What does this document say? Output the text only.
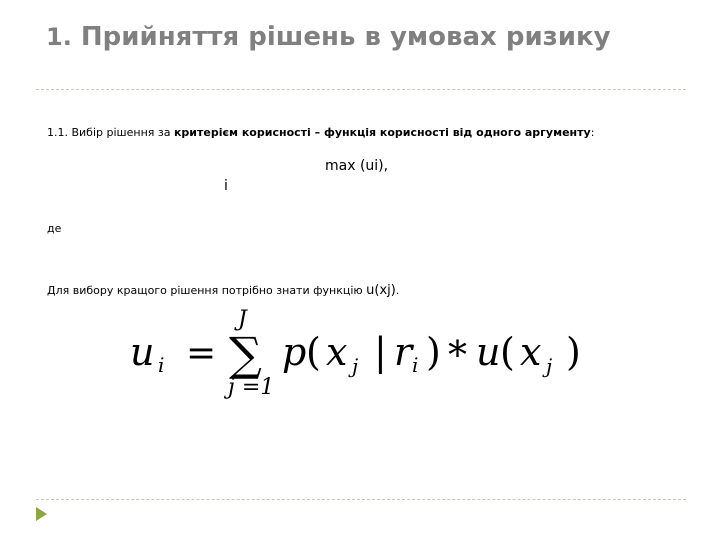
1. Прийняття рішень в умовах ризику
1.1. Вибір рішення за критерієм корисності – функція корисності від одного аргументу:
max (ui),
i
де
Для вибору кращого рішення потрібно знати функцію u(xj).
u i =
J
∑
j =1
p ( x j | r i ) * u ( x j )
